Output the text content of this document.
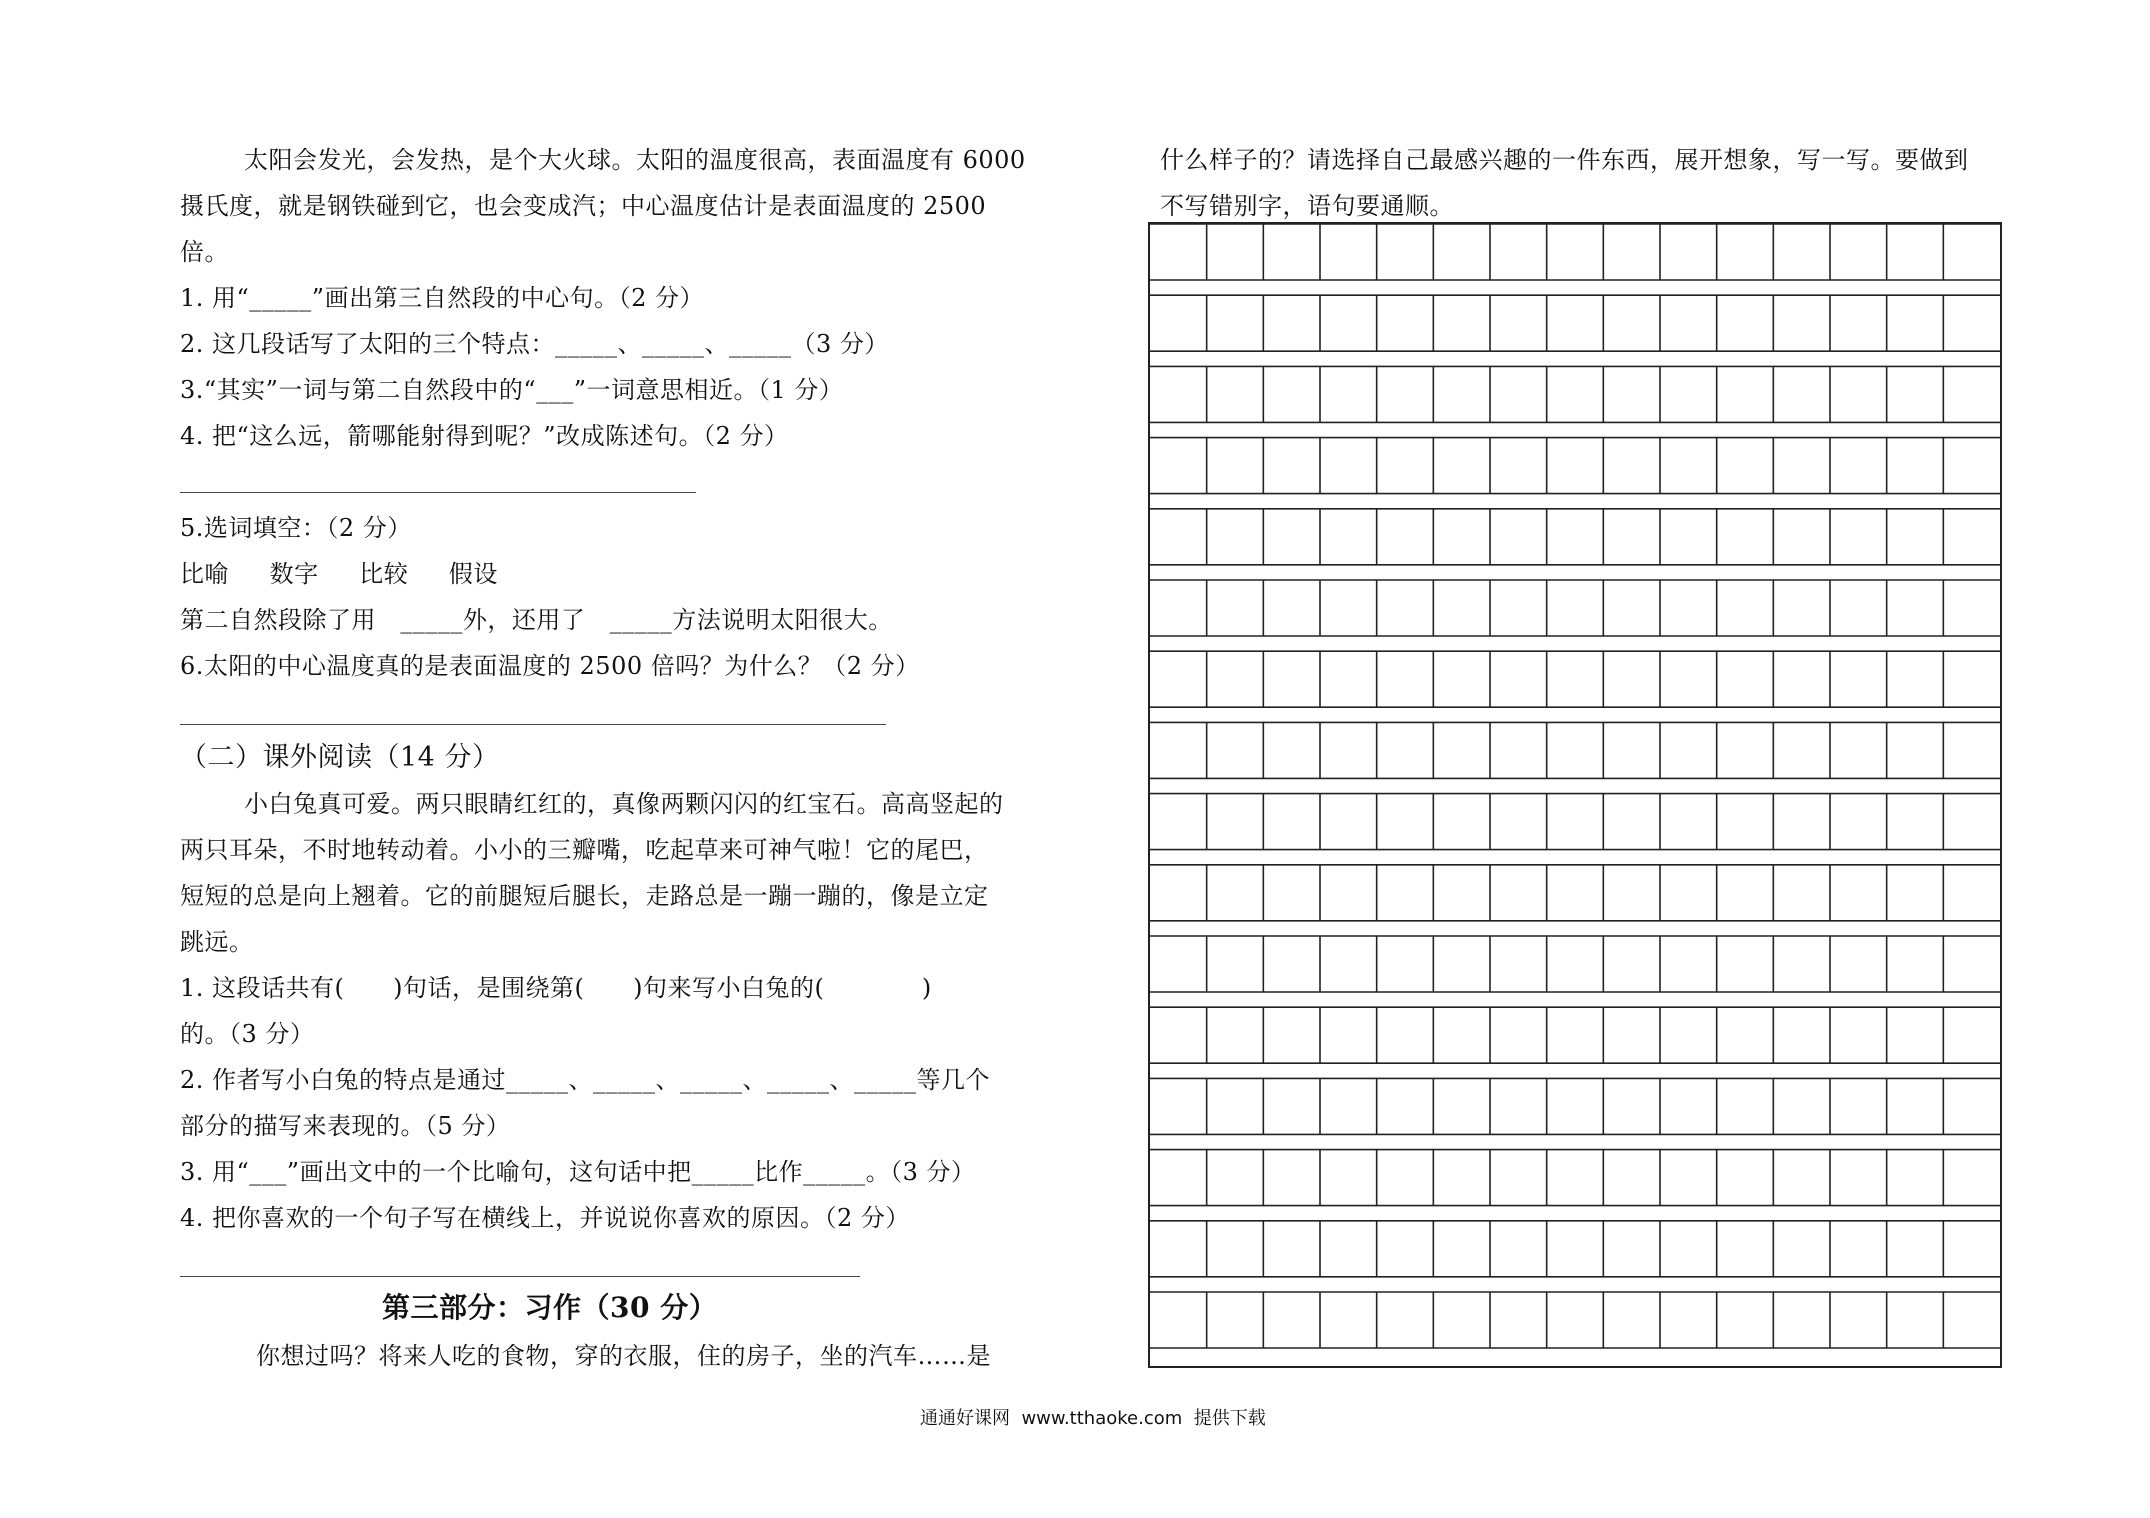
太阳会发光，会发热，是个大火球。太阳的温度很高，表面温度有 6000
摄氏度，就是钢铁碰到它，也会变成汽；中心温度估计是表面温度的 2500
倍。
1. 用“_____”画出第三自然段的中心句。（2 分）
2. 这几段话写了太阳的三个特点：_____、_____、_____（3 分）
3.“其实”一词与第二自然段中的“___”一词意思相近。（1 分）
4. 把“这么远，箭哪能射得到呢？”改成陈述句。（2 分）
5.选词填空：（2 分）
比喻     数字     比较     假设
第二自然段除了用   _____外，还用了   _____方法说明太阳很大。
6.太阳的中心温度真的是表面温度的 2500 倍吗？为什么？（2 分）
（二）课外阅读（14 分）
小白兔真可爱。两只眼睛红红的，真像两颗闪闪的红宝石。高高竖起的
两只耳朵，不时地转动着。小小的三瓣嘴，吃起草来可神气啦！它的尾巴，
短短的总是向上翘着。它的前腿短后腿长，走路总是一蹦一蹦的，像是立定
跳远。
1. 这段话共有(      )句话，是围绕第(      )句来写小白兔的(            )
的。（3 分）
2. 作者写小白兔的特点是通过_____、_____、_____、_____、_____等几个
部分的描写来表现的。（5 分）
3. 用“___”画出文中的一个比喻句，这句话中把_____比作_____。（3 分）
4. 把你喜欢的一个句子写在横线上，并说说你喜欢的原因。（2 分）
第三部分：习作（30 分）
你想过吗？将来人吃的食物，穿的衣服，住的房子，坐的汽车……是
什么样子的？请选择自己最感兴趣的一件东西，展开想象，写一写。要做到
不写错别字，语句要通顺。
通通好课网  www.tthaoke.com  提供下载
